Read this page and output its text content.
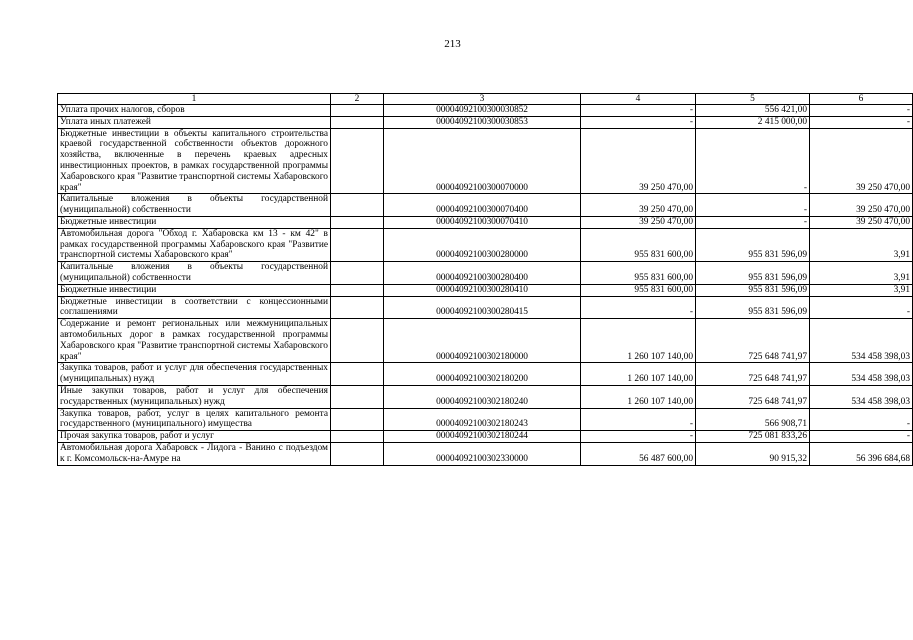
213
1	2	3	4	5	6
Уплата прочих налогов, сборов		00004092100300030852	-	556 421,00	-
Уплата иных платежей		00004092100300030853	-	2 415 000,00	-
Бюджетные инвестиции в объекты капитального строительства краевой государственной собственности объектов дорожного хозяйства, включенные в перечень краевых адресных инвестиционных проектов, в рамках государственной программы Хабаровского края "Развитие транспортной системы Хабаровского края"		00004092100300070000	39 250 470,00	-	39 250 470,00
Капитальные вложения в объекты государственной (муниципальной) собственности		00004092100300070400	39 250 470,00	-	39 250 470,00
Бюджетные инвестиции		00004092100300070410	39 250 470,00	-	39 250 470,00
Автомобильная дорога "Обход г. Хабаровска км 13 - км 42" в рамках государственной программы Хабаровского края "Развитие транспортной системы Хабаровского края"		00004092100300280000	955 831 600,00	955 831 596,09	3,91
Капитальные вложения в объекты государственной (муниципальной) собственности		00004092100300280400	955 831 600,00	955 831 596,09	3,91
Бюджетные инвестиции		00004092100300280410	955 831 600,00	955 831 596,09	3,91
Бюджетные инвестиции в соответствии с концессионными соглашениями		00004092100300280415	-	955 831 596,09	-
Содержание и ремонт региональных или межмуниципальных автомобильных дорог в рамках государственной программы Хабаровского края "Развитие транспортной системы Хабаровского края"		00004092100302180000	1 260 107 140,00	725 648 741,97	534 458 398,03
Закупка товаров, работ и услуг для обеспечения государственных (муниципальных) нужд		00004092100302180200	1 260 107 140,00	725 648 741,97	534 458 398,03
Иные закупки товаров, работ и услуг для обеспечения государственных (муниципальных) нужд		00004092100302180240	1 260 107 140,00	725 648 741,97	534 458 398,03
Закупка товаров, работ, услуг в целях капитального ремонта государственного (муниципального) имущества		00004092100302180243	-	566 908,71	-
Прочая закупка товаров, работ и услуг		00004092100302180244	-	725 081 833,26	-
Автомобильная дорога Хабаровск - Лидога - Ванино с подъездом к г. Комсомольск-на-Амуре на		00004092100302330000	56 487 600,00	90 915,32	56 396 684,68
